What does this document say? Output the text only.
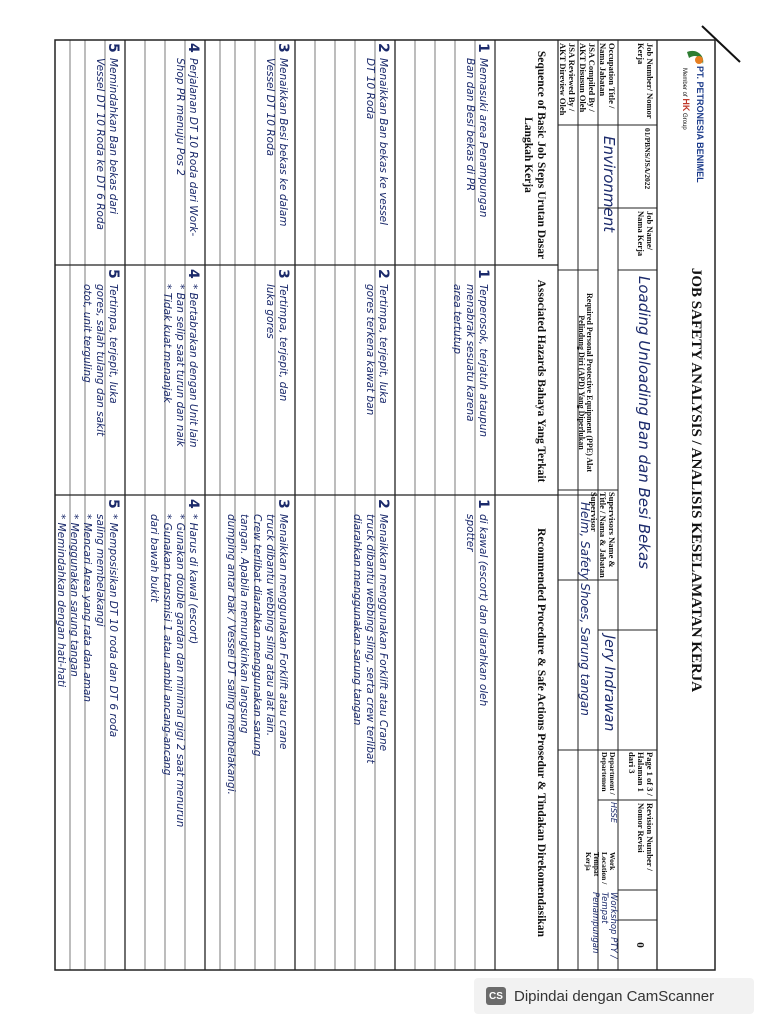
PT. PETRONESIA BENIMEL
Member of HK Group
JOB SAFETY ANALYSIS / ANALISIS KESELAMATAN KERJA
Job Number/ Nomor Kerja
01/PBNS/JSA/2022
Job Name/ Nama Kerja
Loading Unloading Ban dan Besi Bekas
Page 1 of 3 / Halaman 1 dari 3
Revision Number / Nomor Revisi
0
Occupation Title / Nama Jabatan
Environment
Supervisors Name & Title / Nama & Jabatan Supervisor
Jery Indrawan
Department / Departemen
HSSE
Work Location / Tempat Kerja
Workshop PTY / Tempat Penampungan
JSA Compiled By / AKT Disusun Oleh
JSA Reviewed By / AKT Direview Oleh
Required Personal Protective Equipment (PPE) Alat Pelindung Diri (APD) Yang Diperlukan
Helm, Safety Shoes, Sarung tangan
Sequence of Basic Job Steps Urutan Dasar Langkah Kerja
Associated Hazards Bahaya Yang Terkait
Recommended Procedure & Safe Actions Prosedur & Tindakan Direkomendasikan
1
1
1
Memasuki area Penampungan
Ban dan Besi bekas di PR
Terperosok, terjatuh ataupun
menabrak sesuatu karena
area tertutup
di kawal (escort) dan diarahkan oleh
spotter
2
2
2
Menaikkan Ban bekas ke vessel
DT 10 Roda
Tertimpa, terjepit, luka
gores terkena kawat ban
Menaikkan menggunakan Forklift atau Crane
truck dibantu webbing sling, serta crew terlibat
diarahkan menggunakan sarung tangan
3
3
3
Menaikkan Besi bekas ke dalam
Vessel DT 10 Roda
Tertimpa, terjepit, dan
luka gores
Menaikkan menggunakan Forklift atau crane
truck dibantu webbing sling atau alat lain.
Crew terlibat diarahkan menggunakan sarung
tangan. Apabila memungkinkan langsung
dumping antar bak / Vessel DT saling membelakangi.
4
4
4
Perjalanan DT 10 Roda dari Work-
Shop PR menuju Pos 2
* Bertabrakan dengan Unit lain
* Ban selip saat turun dan naik
* Tidak kuat menanjak
* Harus di kawal (escort)
* Gunakan double gardan dan minimal gigi 2 saat menurun
* Gunakan transmisi 1 atau ambil ancang-ancang
dari bawah bukit
5
5
5
Memindahkan Ban bekas dari
Vessel DT 10 Roda ke DT 6 Roda
Tertimpa, terjepit, luka
gores, salah tulang dan sakit
otot, unit terguling
* Memposisikan DT 10 roda dan DT 6 roda
saling membelakangi
* Mencari Area yang rata dan aman
* Menggunakan sarung tangan
* Memindahkan dengan hati-hati
CS Dipindai dengan CamScanner
